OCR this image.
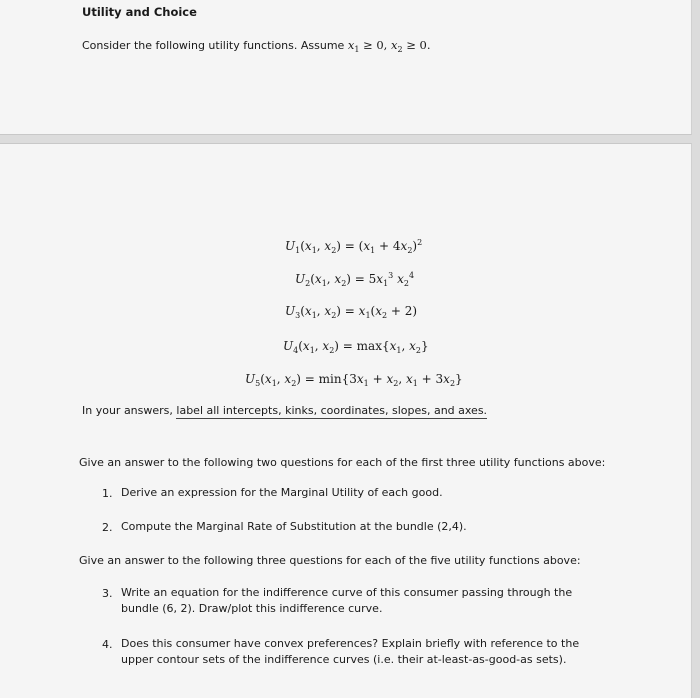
Utility and Choice
Consider the following utility functions. Assume $x_1 \ge 0$, $x_2 \ge 0$.
$U_1(x_1$, $x_2) = (x_1 + 4x_2)^2$
$U_2(x_1$, $x_2) = 5x_1^3$ $x_2^4$
$U_3(x_1$, $x_2) = x_1(x_2 + 2)$
$U_4(x_1$, $x_2) = \max\{x_1$, $x_2$}
$U_5(x_1$, $x_2) = \min\{3x_1 + x_2$, $x_1 + 3x_2$}
In your answers, label all intercepts, kinks, coordinates, slopes, and axes.
Give an answer to the following two questions for each of the first three utility functions above:
1. Derive an expression for the Marginal Utility of each good.
2. Compute the Marginal Rate of Substitution at the bundle (2,4).
Give an answer to the following three questions for each of the five utility functions above:
3. Write an equation for the indifference curve of this consumer passing through the
bundle (6, 2). Draw/plot this indifference curve.
4. Does this consumer have convex preferences? Explain briefly with reference to the
upper contour sets of the indifference curves (i.e. their at-least-as-good-as sets).
